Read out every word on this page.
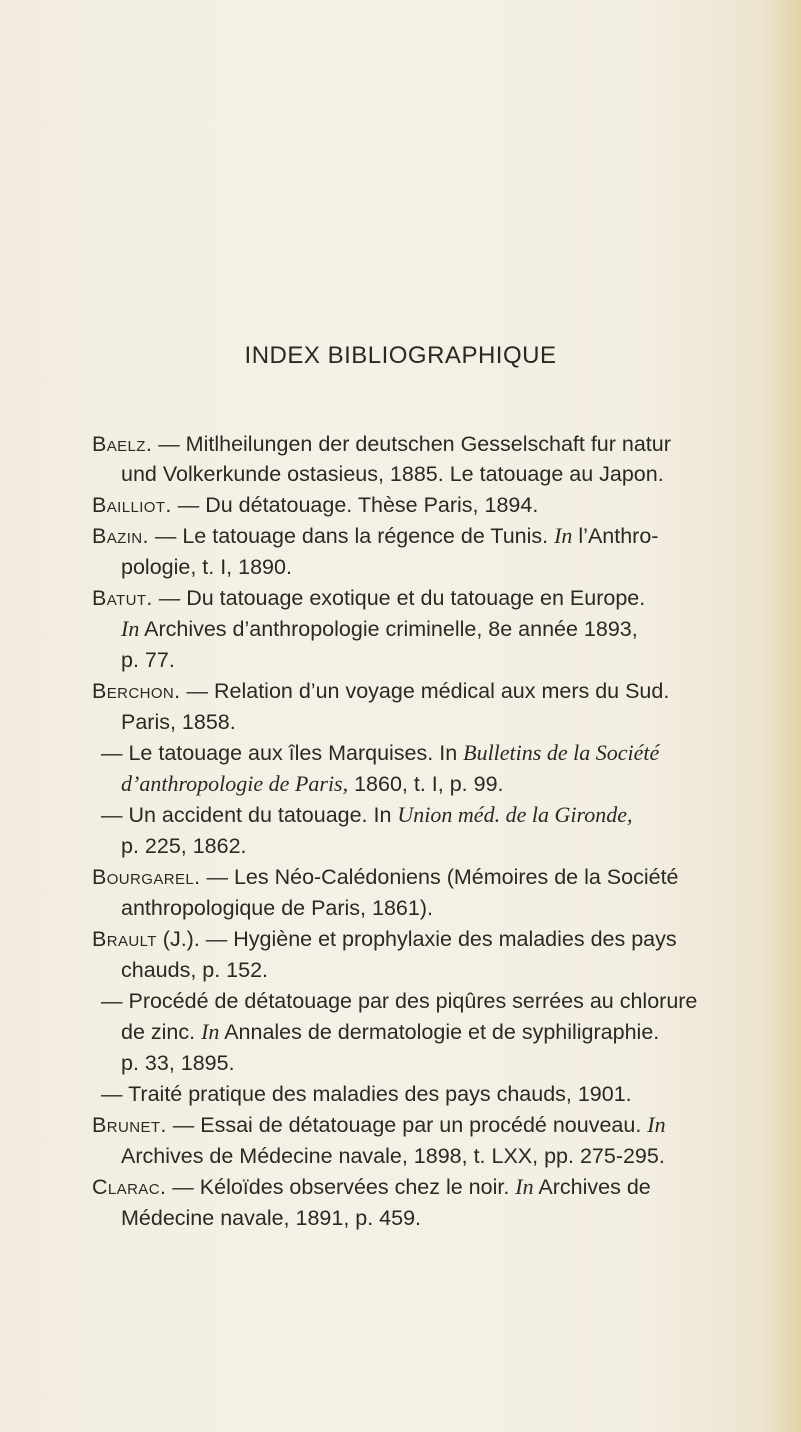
INDEX BIBLIOGRAPHIQUE
Baelz. — Mitlheilungen der deutschen Gesselschaft fur natur
und Volkerkunde ostasieus, 1885. Le tatouage au Japon.
Bailliot. — Du détatouage. Thèse Paris, 1894.
Bazin. — Le tatouage dans la régence de Tunis. In l’Anthro-
pologie, t. I, 1890.
Batut. — Du tatouage exotique et du tatouage en Europe.
In Archives d’anthropologie criminelle, 8e année 1893,
p. 77.
Berchon. — Relation d’un voyage médical aux mers du Sud.
Paris, 1858.
— Le tatouage aux îles Marquises. In Bulletins de la Société
d’anthropologie de Paris, 1860, t. I, p. 99.
— Un accident du tatouage. In Union méd. de la Gironde,
p. 225, 1862.
Bourgarel. — Les Néo-Calédoniens (Mémoires de la Société
anthropologique de Paris, 1861).
Brault (J.). — Hygiène et prophylaxie des maladies des pays
chauds, p. 152.
— Procédé de détatouage par des piqûres serrées au chlorure
de zinc. In Annales de dermatologie et de syphiligraphie.
p. 33, 1895.
— Traité pratique des maladies des pays chauds, 1901.
Brunet. — Essai de détatouage par un procédé nouveau. In
Archives de Médecine navale, 1898, t. LXX, pp. 275-295.
Clarac. — Kéloïdes observées chez le noir. In Archives de
Médecine navale, 1891, p. 459.
